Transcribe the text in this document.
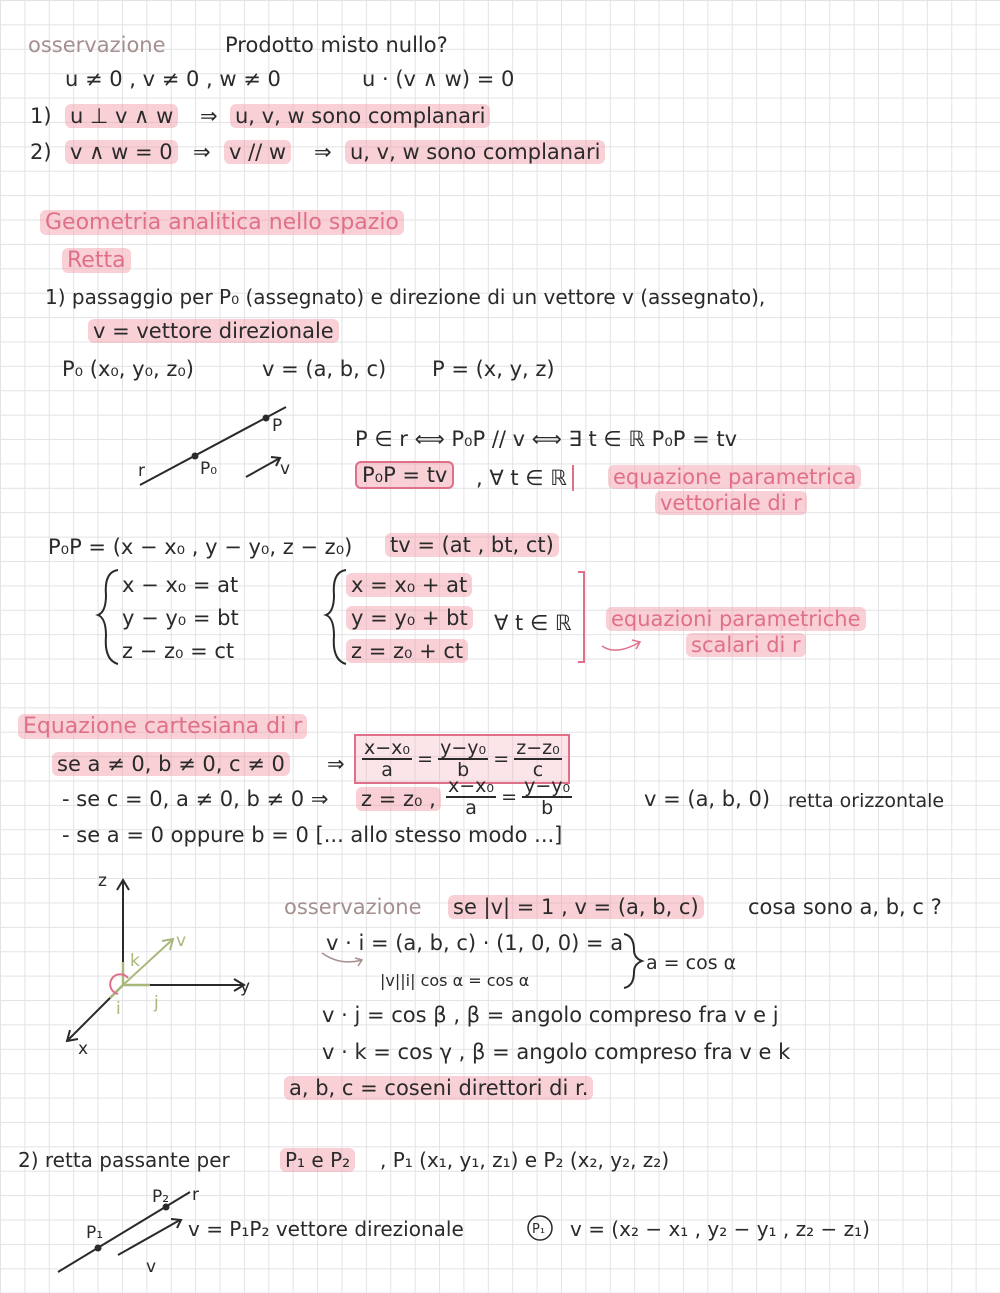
osservazione	Prodotto misto nullo?
u ≠ 0 , v ≠ 0 , w ≠ 0	u · (v ∧ w) = 0
1) u ⊥ v ∧ w ⇒ u, v, w sono complanari
2) v ∧ w = 0 ⇒ v // w ⇒ u, v, w sono complanari
Geometria analitica nello spazio
Retta
1) passaggio per P₀ (assegnato) e direzione di un vettore v (assegnato),
v = vettore direzionale
P₀ (x₀, y₀, z₀)	v = (a, b, c) P = (x, y, z)
r	P₀
P
v
P ∈ r ⟺ P₀P // v ⟺ ∃ t ∈ ℝ P₀P = tv
P₀P = tv	, ∀ t ∈ ℝ	equazione parametrica
vettoriale di r
P₀P = (x − x₀ , y − y₀, z − z₀) tv = (at , bt, ct)
x − x₀ = at
y − y₀ = bt
z − z₀ = ct
x = x₀ + at
y = y₀ + bt
z = z₀ + ct
∀ t ∈ ℝ equazioni parametriche
scalari di r
Equazione cartesiana di r
se a ≠ 0, b ≠ 0, c ≠ 0 ⇒ $\frac{\text{x−x₀}}{a} = \frac{\text{y−y₀}}{b} = \frac{\text{z−z₀}}{c}$
- se c = 0, a ≠ 0, b ≠ 0 ⇒ z = z₀ , $\frac{\text{x−x₀}}{a} = \frac{\text{y−y₀}}{b}$	v = (a, b, 0) retta orizzontale
- se a = 0 oppure b = 0 [... allo stesso modo ...]
z
y
x
v
k
j
i
osservazione se |v| = 1 , v = (a, b, c) cosa sono a, b, c ?
v · i = (a, b, c) · (1, 0, 0) = a
|v||i| cos α = cos α
a = cos α
v · j = cos β , β = angolo compreso fra v e j
v · k = cos γ , β = angolo compreso fra v e k
a, b, c = coseni direttori di r.
2) retta passante per	P₁ e P₂ , P₁ (x₁, y₁, z₁) e P₂ (x₂, y₂, z₂)
P₁
P₂ r
v
v = P₁P₂ vettore direzionale	P₁ v = (x₂ − x₁ , y₂ − y₁ , z₂ − z₁)
